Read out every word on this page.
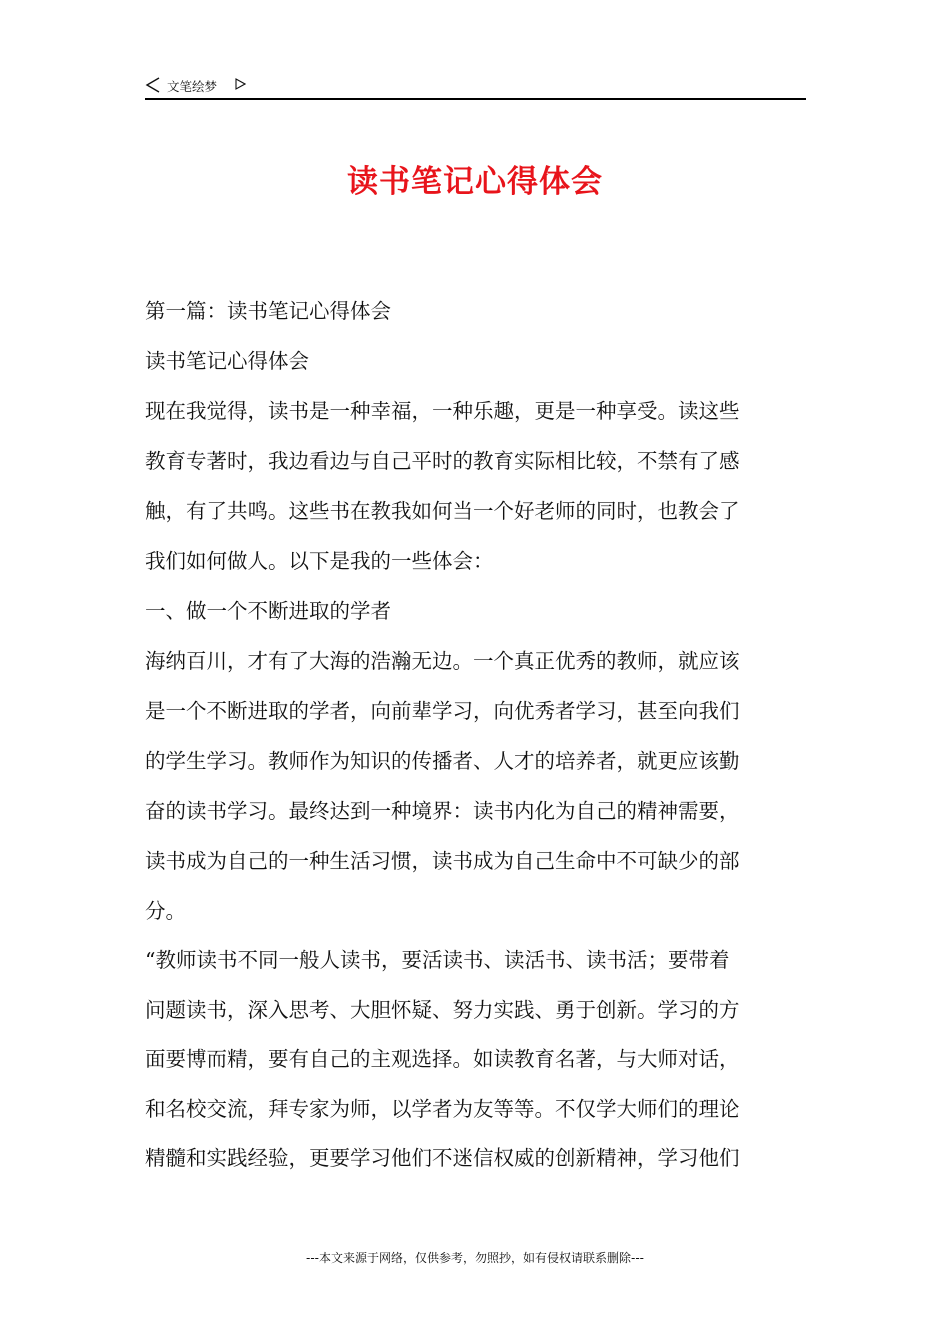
文笔绘梦
读书笔记心得体会
第一篇：读书笔记心得体会
读书笔记心得体会
现在我觉得，读书是一种幸福，一种乐趣，更是一种享受。读这些
教育专著时，我边看边与自己平时的教育实际相比较，不禁有了感
触，有了共鸣。这些书在教我如何当一个好老师的同时，也教会了
我们如何做人。以下是我的一些体会：
一、做一个不断进取的学者
海纳百川，才有了大海的浩瀚无边。一个真正优秀的教师，就应该
是一个不断进取的学者，向前辈学习，向优秀者学习，甚至向我们
的学生学习。教师作为知识的传播者、人才的培养者，就更应该勤
奋的读书学习。最终达到一种境界：读书内化为自己的精神需要，
读书成为自己的一种生活习惯，读书成为自己生命中不可缺少的部
分。
“教师读书不同一般人读书，要活读书、读活书、读书活；要带着
问题读书，深入思考、大胆怀疑、努力实践、勇于创新。学习的方
面要博而精，要有自己的主观选择。如读教育名著，与大师对话，
和名校交流，拜专家为师，以学者为友等等。不仅学大师们的理论
精髓和实践经验，更要学习他们不迷信权威的创新精神，学习他们
---本文来源于网络，仅供参考，勿照抄，如有侵权请联系删除---
